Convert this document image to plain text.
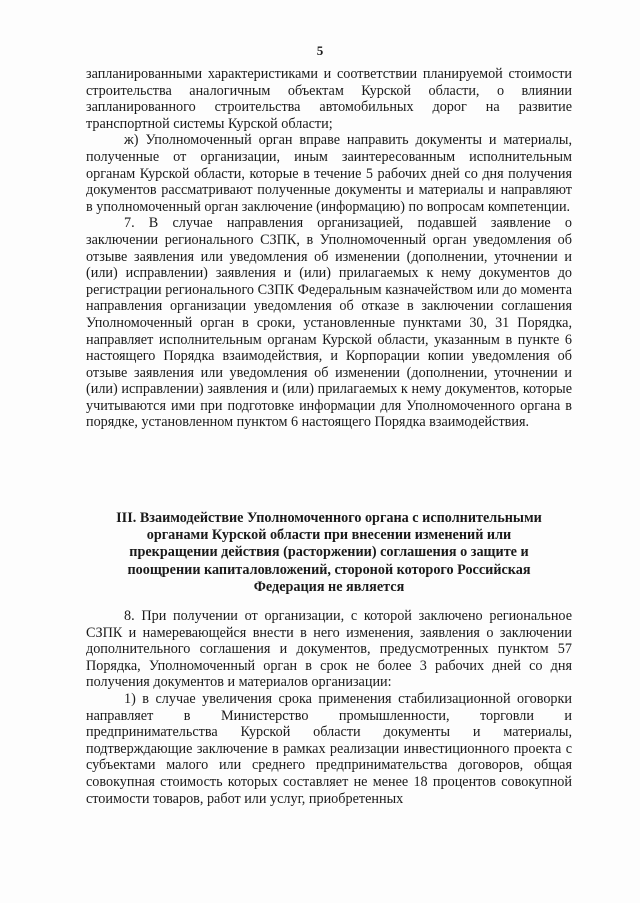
5

запланированными характеристиками и соответствии планируемой стоимости строительства аналогичным объектам Курской области, о влиянии запланированного строительства автомобильных дорог на развитие транспортной системы Курской области;

ж) Уполномоченный орган вправе направить документы и материалы, полученные от организации, иным заинтересованным исполнительным органам Курской области, которые в течение 5 рабочих дней со дня получения документов рассматривают полученные документы и материалы и направляют в уполномоченный орган заключение (информацию) по вопросам компетенции.

7. В случае направления организацией, подавшей заявление о заключении регионального СЗПК, в Уполномоченный орган уведомления об отзыве заявления или уведомления об изменении (дополнении, уточнении и (или) исправлении) заявления и (или) прилагаемых к нему документов до регистрации регионального СЗПК Федеральным казначейством или до момента направления организации уведомления об отказе в заключении соглашения Уполномоченный орган в сроки, установленные пунктами 30, 31 Порядка, направляет исполнительным органам Курской области, указанным в пункте 6 настоящего Порядка взаимодействия, и Корпорации копии уведомления об отзыве заявления или уведомления об изменении (дополнении, уточнении и (или) исправлении) заявления и (или) прилагаемых к нему документов, которые учитываются ими при подготовке информации для Уполномоченного органа в порядке, установленном пунктом 6 настоящего Порядка взаимодействия.

III. Взаимодействие Уполномоченного органа с исполнительными
органами Курской области при внесении изменений или
прекращении действия (расторжении) соглашения о защите и
поощрении капиталовложений, стороной которого Российская
Федерация не является

8. При получении от организации, с которой заключено региональное СЗПК и намеревающейся внести в него изменения, заявления о заключении дополнительного соглашения и документов, предусмотренных пунктом 57 Порядка, Уполномоченный орган в срок не более 3 рабочих дней со дня получения документов и материалов организации:

1) в случае увеличения срока применения стабилизационной оговорки направляет в Министерство промышленности, торговли и предпринимательства Курской области документы и материалы, подтверждающие заключение в рамках реализации инвестиционного проекта с субъектами малого или среднего предпринимательства договоров, общая совокупная стоимость которых составляет не менее 18 процентов совокупной стоимости товаров, работ или услуг, приобретенных
